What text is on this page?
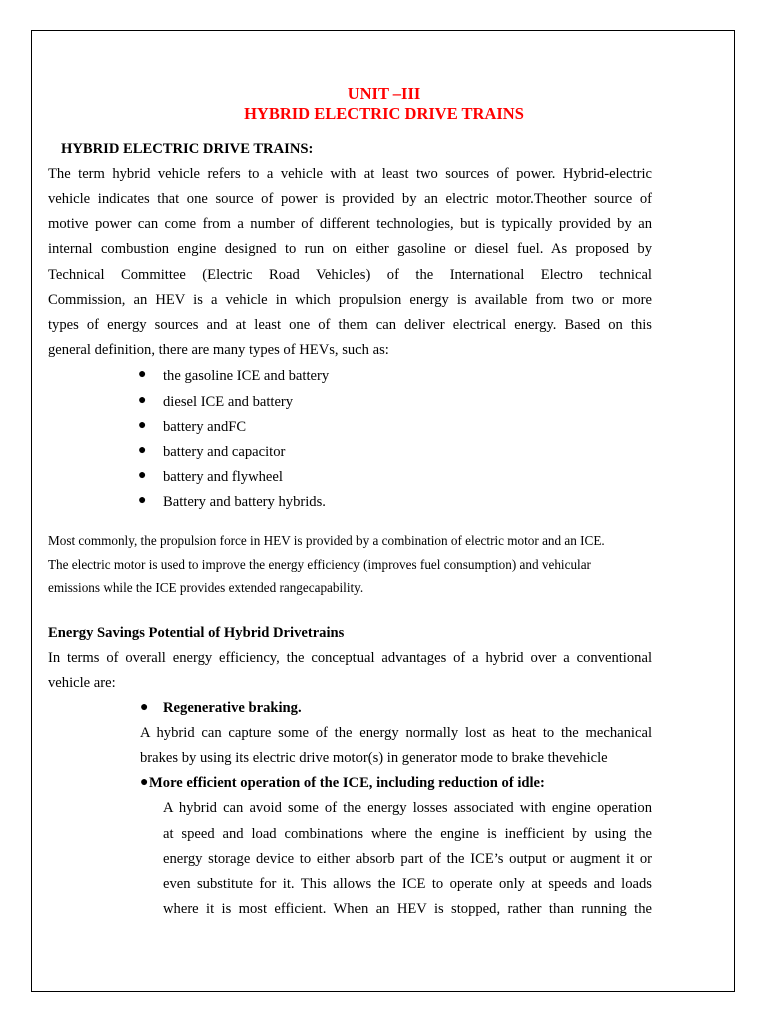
UNIT –III
HYBRID ELECTRIC DRIVE TRAINS
HYBRID ELECTRIC DRIVE TRAINS:
The term hybrid vehicle refers to a vehicle with at least two sources of power. Hybrid-electric
vehicle indicates that one source of power is provided by an electric motor.Theother source of
motive power can come from a number of different technologies, but is typically provided by an
internal combustion engine designed to run on either gasoline or diesel fuel. As proposed by
Technical Committee (Electric Road Vehicles) of the International Electro technical
Commission, an HEV is a vehicle in which propulsion energy is available from two or more
types of energy sources and at least one of them can deliver electrical energy. Based on this
general definition, there are many types of HEVs, such as:
● the gasoline ICE and battery
● diesel ICE and battery
● battery andFC
● battery and capacitor
● battery and flywheel
● Battery and battery hybrids.
Most commonly, the propulsion force in HEV is provided by a combination of electric motor and an ICE.
The electric motor is used to improve the energy efficiency (improves fuel consumption) and vehicular
emissions while the ICE provides extended rangecapability.
Energy Savings Potential of Hybrid Drivetrains
In terms of overall energy efficiency, the conceptual advantages of a hybrid over a conventional
vehicle are:
● Regenerative braking.
A hybrid can capture some of the energy normally lost as heat to the mechanical
brakes by using its electric drive motor(s) in generator mode to brake thevehicle
● More efficient operation of the ICE, including reduction of idle:
A hybrid can avoid some of the energy losses associated with engine operation
at speed and load combinations where the engine is inefficient by using the
energy storage device to either absorb part of the ICE’s output or augment it or
even substitute for it. This allows the ICE to operate only at speeds and loads
where it is most efficient. When an HEV is stopped, rather than running the
